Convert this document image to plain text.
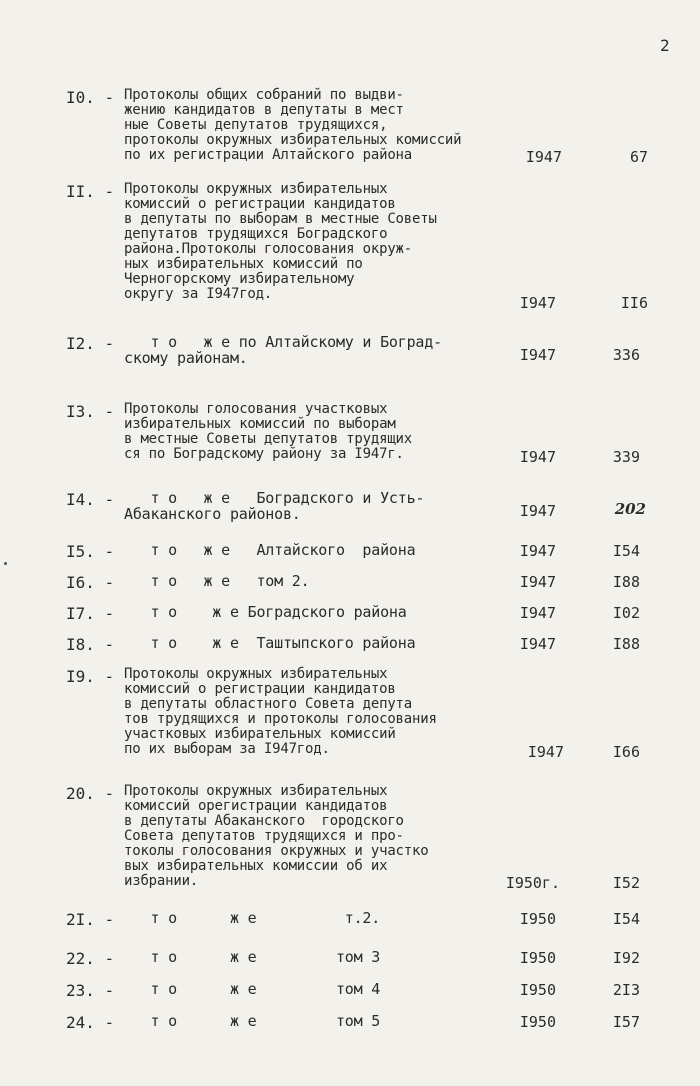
2
I0. - Протоколы общих собраний по выдви-
жению кандидатов в депутаты в мест
ные Советы депутатов трудящихся,
протоколы окружных избирательных комиссий
по их регистрации Алтайского района	I947	67
II. - Протоколы окружных избирательных
комиссий о регистрации кандидатов
в депутаты по выборам в местные Советы
депутатов трудящихся Боградского
района.Протоколы голосования окруж-
ных избирательных комиссий по
Черногорскому избирательному
округу за I947год.	I947	II6
I2. -	т о   ж е по Алтайскому и Боград-
скому районам.	I947	336
I3. - Протоколы голосования участковых
избирательных комиссий по выборам
в местные Советы депутатов трудящих
ся по Боградскому району за I947г.	I947	339
I4. -	т о   ж е   Боградского и Усть-
Абаканского районов.	I947	202
I5. - т о   ж е   Алтайского  района	I947	I54
I6. - т о   ж е   том 2.	I947	I88
I7. - т о    ж е Боградского района	I947	I02
I8. - т о    ж е  Таштыпского района	I947	I88
I9. - Протоколы окружных избирательных
комиссий о регистрации кандидатов
в депутаты областного Совета депута
тов трудящихся и протоколы голосования
участковых избирательных комиссий
по их выборам за I947год.	I947	I66
20. - Протоколы окружных избирательных
комиссий орегистрации кандидатов
в депутаты Абаканского  городского
Совета депутатов трудящихся и про-
токолы голосования окружных и участко
вых избирательных комиссии об их
избрании.	I950г.	I52
2I. - т о      ж е          т.2.	I950	I54
22. - т о      ж е         том 3	I950	I92
23. - т о      ж е         том 4	I950	2I3
24. - т о      ж е         том 5	I950	I57
